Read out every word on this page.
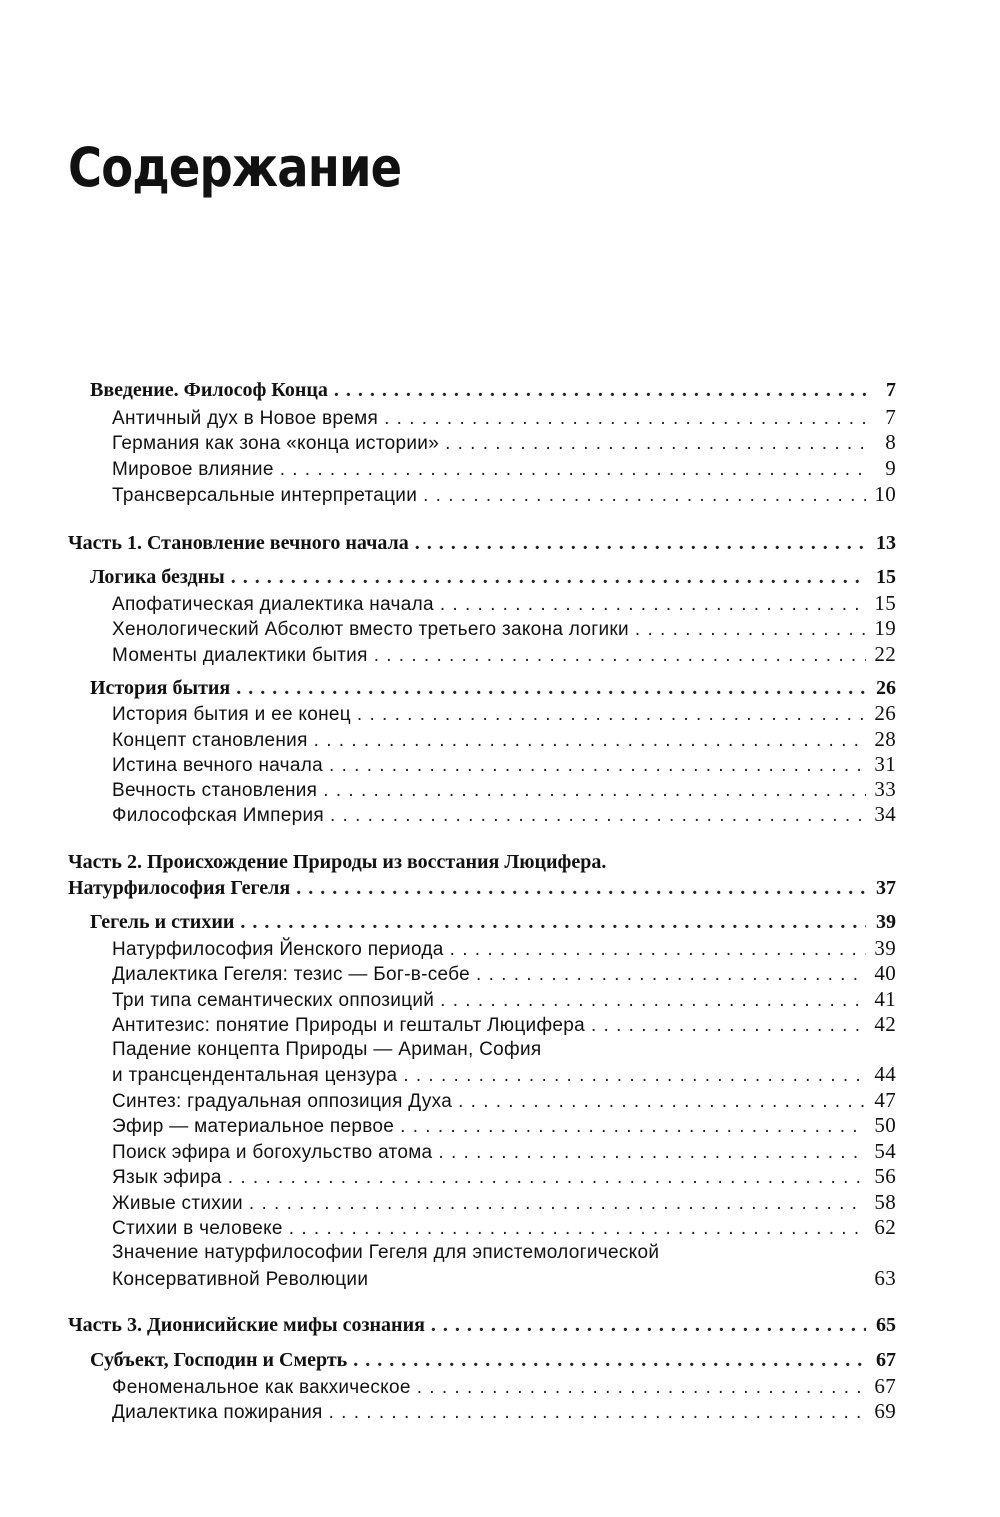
Содержание
Введение. Философ Конца . . .	7
Античный дух в Новое время . . .	7
Германия как зона «конца истории» . . .	8
Мировое влияние . . .	9
Трансверсальные интерпретации . . .	10
Часть 1. Становление вечного начала . . .	13
Логика бездны . . .	15
Апофатическая диалектика начала . . .	15
Хенологический Абсолют вместо третьего закона логики . . .	19
Моменты диалектики бытия . . .	22
История бытия . . .	26
История бытия и ее конец . . .	26
Концепт становления . . .	28
Истина вечного начала . . .	31
Вечность становления . . .	33
Философская Империя . . .	34
Часть 2. Происхождение Природы из восстания Люцифера.
Натурфилософия Гегеля . . .	37
Гегель и стихии . . .	39
Натурфилософия Йенского периода . . .	39
Диалектика Гегеля: тезис — Бог-в-себе . . .	40
Три типа семантических оппозиций . . .	41
Антитезис: понятие Природы и гештальт Люцифера . . .	42
Падение концепта Природы — Ариман, София
и трансцендентальная цензура . . .	44
Синтез: градуальная оппозиция Духа . . .	47
Эфир — материальное первое . . .	50
Поиск эфира и богохульство атома . . .	54
Язык эфира . . .	56
Живые стихии . . .	58
Стихии в человеке . . .	62
Значение натурфилософии Гегеля для эпистемологической
Консервативной Революции	63
Часть 3. Дионисийские мифы сознания . . .	65
Субъект, Господин и Смерть . . .	67
Феноменальное как вакхическое . . .	67
Диалектика пожирания . . .	69
